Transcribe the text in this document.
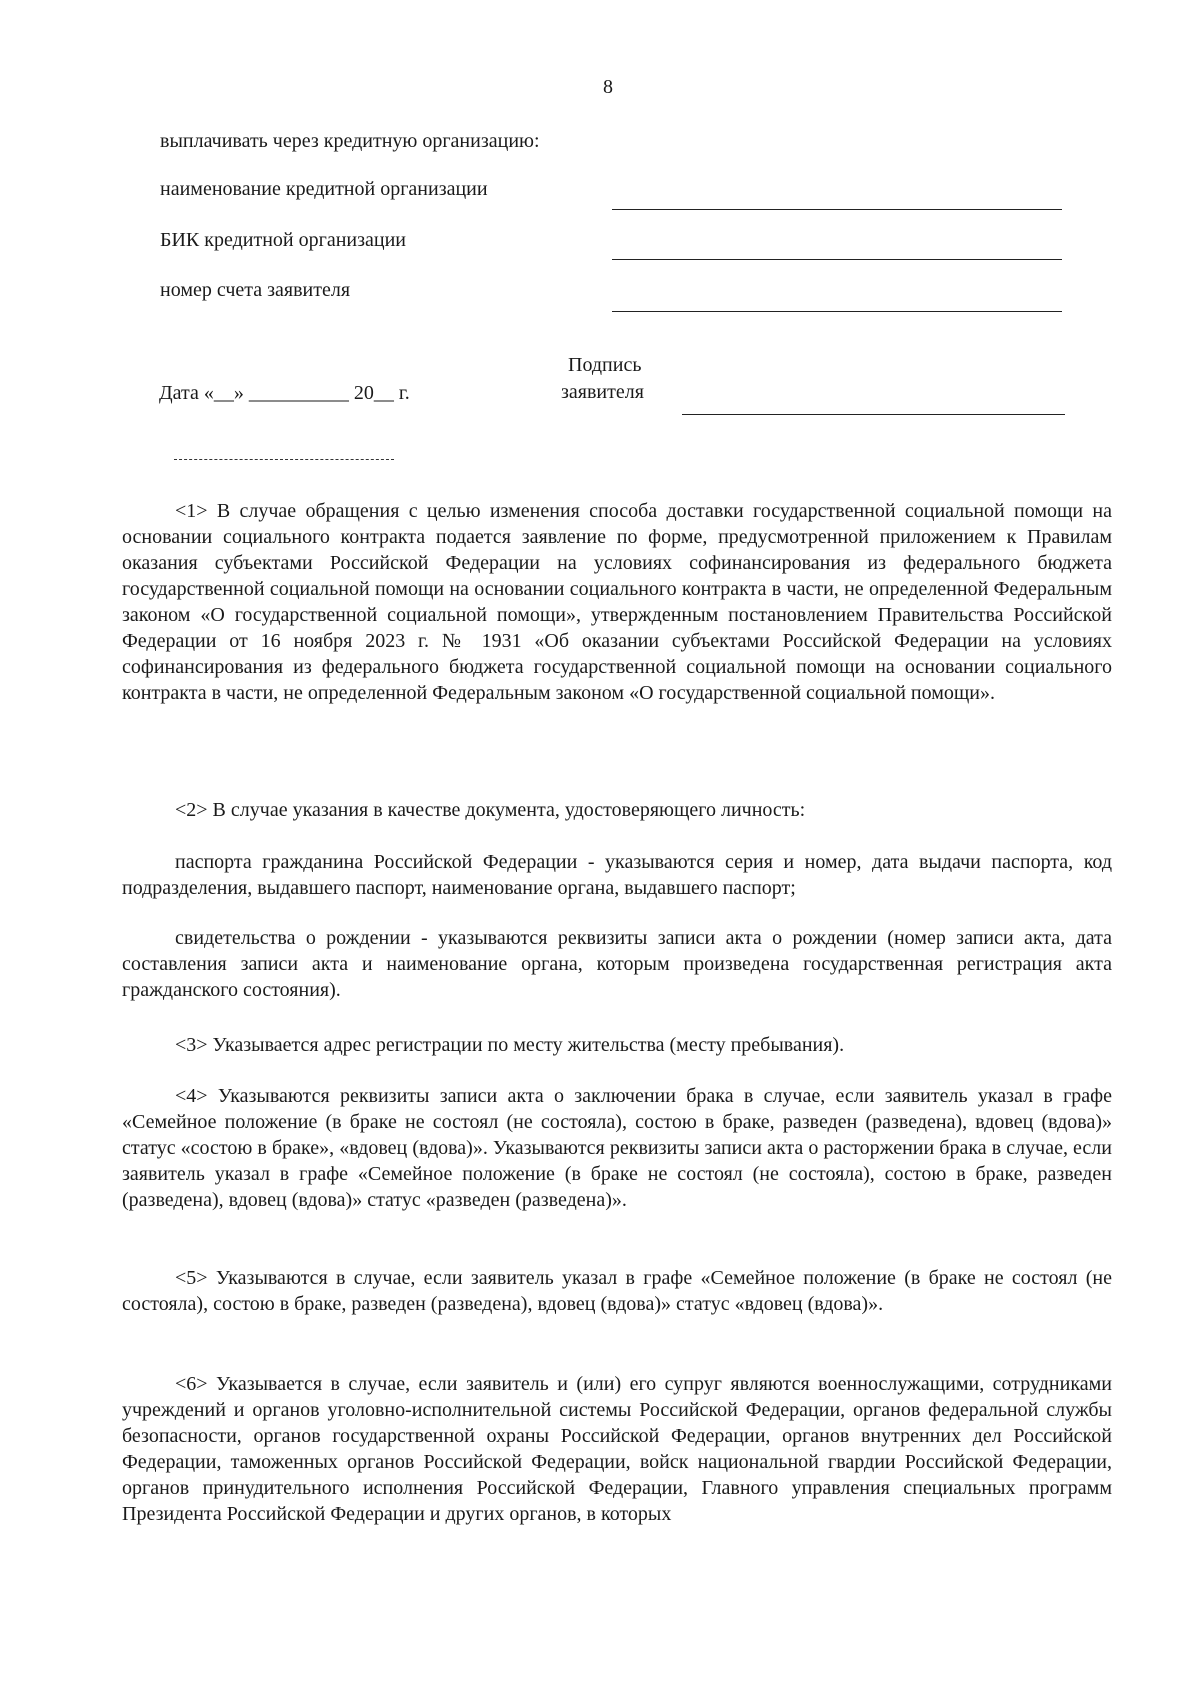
8
выплачивать через кредитную организацию:
наименование кредитной организации
БИК кредитной организации
номер счета заявителя
Дата «__» __________ 20__ г.
Подпись
заявителя

<1> В случае обращения с целью изменения способа доставки государственной социальной помощи на основании социального контракта подается заявление по форме, предусмотренной приложением к Правилам оказания субъектами Российской Федерации на условиях софинансирования из федерального бюджета государственной социальной помощи на основании социального контракта в части, не определенной Федеральным законом «О государственной социальной помощи», утвержденным постановлением Правительства Российской Федерации от 16 ноября 2023 г. № 1931 «Об оказании субъектами Российской Федерации на условиях софинансирования из федерального бюджета государственной социальной помощи на основании социального контракта в части, не определенной Федеральным законом «О государственной социальной помощи».

<2> В случае указания в качестве документа, удостоверяющего личность:

паспорта гражданина Российской Федерации - указываются серия и номер, дата выдачи паспорта, код подразделения, выдавшего паспорт, наименование органа, выдавшего паспорт;

свидетельства о рождении - указываются реквизиты записи акта о рождении (номер записи акта, дата составления записи акта и наименование органа, которым произведена государственная регистрация акта гражданского состояния).

<3> Указывается адрес регистрации по месту жительства (месту пребывания).

<4> Указываются реквизиты записи акта о заключении брака в случае, если заявитель указал в графе «Семейное положение (в браке не состоял (не состояла), состою в браке, разведен (разведена), вдовец (вдова)» статус «состою в браке», «вдовец (вдова)». Указываются реквизиты записи акта о расторжении брака в случае, если заявитель указал в графе «Семейное положение (в браке не состоял (не состояла), состою в браке, разведен (разведена), вдовец (вдова)» статус «разведен (разведена)».

<5> Указываются в случае, если заявитель указал в графе «Семейное положение (в браке не состоял (не состояла), состою в браке, разведен (разведена), вдовец (вдова)» статус «вдовец (вдова)».

<6> Указывается в случае, если заявитель и (или) его супруг являются военнослужащими, сотрудниками учреждений и органов уголовно-исполнительной системы Российской Федерации, органов федеральной службы безопасности, органов государственной охраны Российской Федерации, органов внутренних дел Российской Федерации, таможенных органов Российской Федерации, войск национальной гвардии Российской Федерации, органов принудительного исполнения Российской Федерации, Главного управления специальных программ Президента Российской Федерации и других органов, в которых
